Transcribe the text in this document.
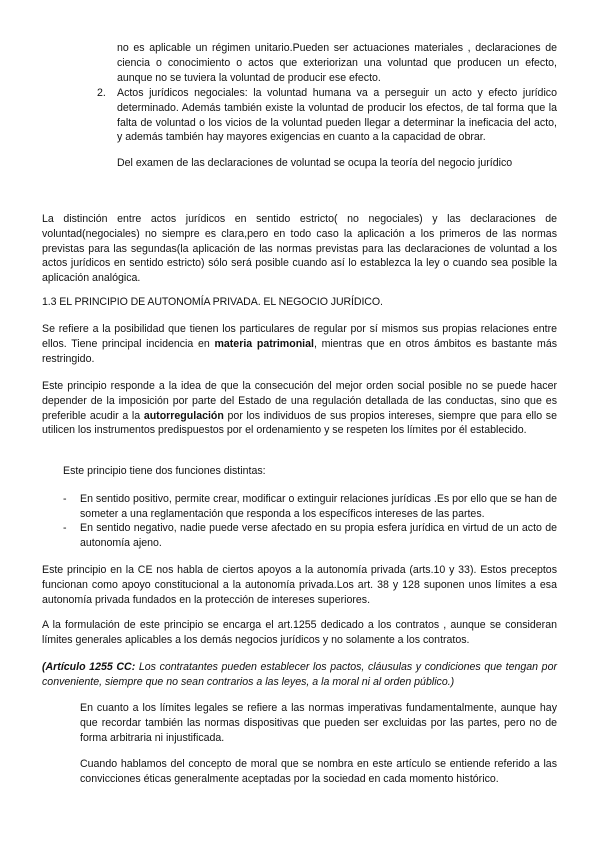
no es aplicable un régimen unitario.Pueden ser actuaciones materiales , declaraciones de ciencia o conocimiento o actos que exteriorizan una voluntad que producen un efecto, aunque no se tuviera la voluntad de producir ese efecto.

2. Actos jurídicos negociales: la voluntad humana va a perseguir un acto y efecto jurídico determinado. Además también existe la voluntad de producir los efectos, de tal forma que la falta de voluntad o los vicios de la voluntad pueden llegar a determinar la ineficacia del acto, y además también hay mayores exigencias en cuanto a la capacidad de obrar.

Del examen de las declaraciones de voluntad se ocupa la teoría del negocio jurídico

La distinción entre actos jurídicos en sentido estricto( no negociales) y las declaraciones de voluntad(negociales) no siempre es clara,pero en todo caso la aplicación a los primeros de las normas previstas para las segundas(la aplicación de las normas previstas para las declaraciones de voluntad a los actos jurídicos en sentido estricto) sólo será posible cuando así lo establezca la ley o cuando sea posible la aplicación analógica.

1.3 EL PRINCIPIO DE AUTONOMÍA PRIVADA. EL NEGOCIO JURÍDICO.

Se refiere a la posibilidad que tienen los particulares de regular por sí mismos sus propias relaciones entre ellos. Tiene principal incidencia en materia patrimonial, mientras que en otros ámbitos es bastante más restringido.

Este principio responde a la idea de que la consecución del mejor orden social posible no se puede hacer depender de la imposición por parte del Estado de una regulación detallada de las conductas, sino que es preferible acudir a la autorregulación por los individuos de sus propios intereses, siempre que para ello se utilicen los instrumentos predispuestos por el ordenamiento y se respeten los límites por él establecido.

Este principio tiene dos funciones distintas:

- En sentido positivo, permite crear, modificar o extinguir relaciones jurídicas .Es por ello que se han de someter a una reglamentación que responda a los específicos intereses de las partes.

- En sentido negativo, nadie puede verse afectado en su propia esfera jurídica en virtud de un acto de autonomía ajeno.

Este principio en la CE nos habla de ciertos apoyos a la autonomía privada (arts.10 y 33). Estos preceptos funcionan como apoyo constitucional a la autonomía privada.Los art. 38 y 128 suponen unos límites a esa autonomía privada fundados en la protección de intereses superiores.

A la formulación de este principio se encarga el art.1255 dedicado a los contratos , aunque se consideran límites generales aplicables a los demás negocios jurídicos y no solamente a los contratos.

(Artículo 1255 CC: Los contratantes pueden establecer los pactos, cláusulas y condiciones que tengan por conveniente, siempre que no sean contrarios a las leyes, a la moral ni al orden público.)

En cuanto a los límites legales se refiere a las normas imperativas fundamentalmente, aunque hay que recordar también las normas dispositivas que pueden ser excluidas por las partes, pero no de forma arbitraria ni injustificada.

Cuando hablamos del concepto de moral que se nombra en este artículo se entiende referido a las convicciones éticas generalmente aceptadas por la sociedad en cada momento histórico.
